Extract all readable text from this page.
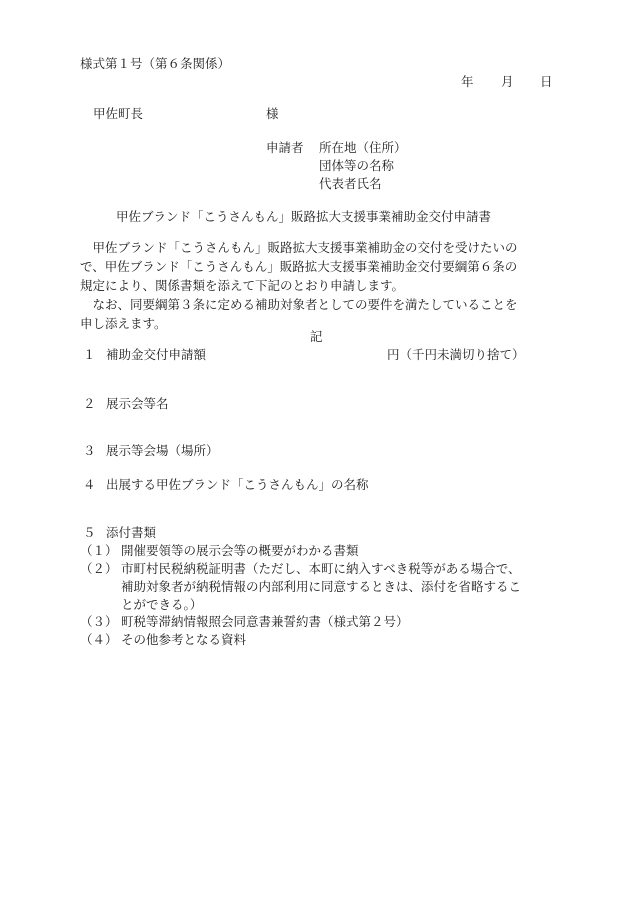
様式第１号（第６条関係）
年 月 日
甲佐町長	様
申請者 所在地（住所）
団体等の名称
代表者氏名
甲佐ブランド「こうさんもん」販路拡大支援事業補助金交付申請書
　甲佐ブランド「こうさんもん」販路拡大支援事業補助金の交付を受けたいの
で、甲佐ブランド「こうさんもん」販路拡大支援事業補助金交付要綱第６条の
規定により、関係書類を添えて下記のとおり申請します。
　なお、同要綱第３条に定める補助対象者としての要件を満たしていることを
申し添えます。
記
１ 補助金交付申請額	円（千円未満切り捨て）
２ 展示会等名
３ 展示等会場（場所）
４ 出展する甲佐ブランド「こうさんもん」の名称
５ 添付書類
（１） 開催要領等の展示会等の概要がわかる書類
（２） 市町村民税納税証明書（ただし、本町に納入すべき税等がある場合で、
補助対象者が納税情報の内部利用に同意するときは、添付を省略するこ
とができる。）
（３） 町税等滞納情報照会同意書兼誓約書（様式第２号）
（４） その他参考となる資料
